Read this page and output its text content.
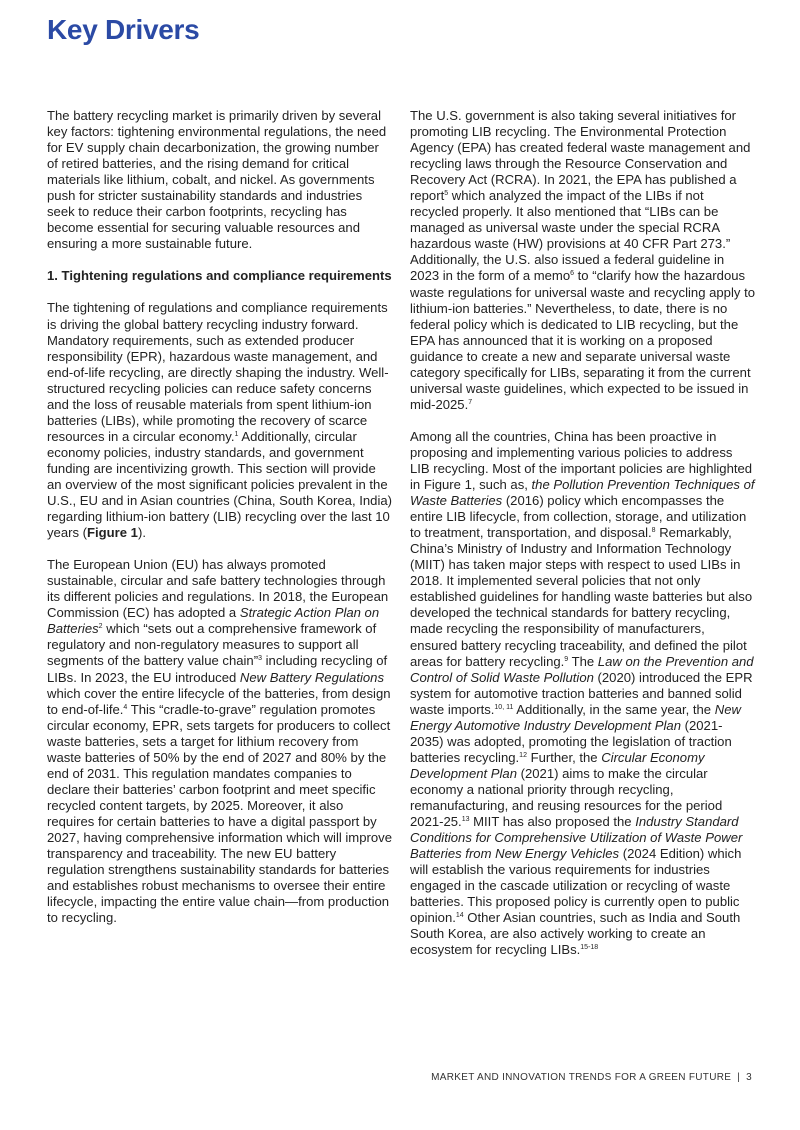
Key Drivers

The battery recycling market is primarily driven by several key factors: tightening environmental regulations, the need for EV supply chain decarbonization, the growing number of retired batteries, and the rising demand for critical materials like lithium, cobalt, and nickel. As governments push for stricter sustainability standards and industries seek to reduce their carbon footprints, recycling has become essential for securing valuable resources and ensuring a more sustainable future.

1. Tightening regulations and compliance requirements

The tightening of regulations and compliance requirements is driving the global battery recycling industry forward. Mandatory requirements, such as extended producer responsibility (EPR), hazardous waste management, and end-of-life recycling, are directly shaping the industry. Well-structured recycling policies can reduce safety concerns and the loss of reusable materials from spent lithium-ion batteries (LIBs), while promoting the recovery of scarce resources in a circular economy.$^1$ Additionally, circular economy policies, industry standards, and government funding are incentivizing growth. This section will provide an overview of the most significant policies prevalent in the U.S., EU and in Asian countries (China, South Korea, India) regarding lithium-ion battery (LIB) recycling over the last 10 years (Figure 1).

The European Union (EU) has always promoted sustainable, circular and safe battery technologies through its different policies and regulations. In 2018, the European Commission (EC) has adopted a Strategic Action Plan on Batteries$^2$ which “sets out a comprehensive framework of regulatory and non-regulatory measures to support all segments of the battery value chain”$^3$ including recycling of LIBs. In 2023, the EU introduced New Battery Regulations which cover the entire lifecycle of the batteries, from design to end-of-life.$^4$ This “cradle-to-grave” regulation promotes circular economy, EPR, sets targets for producers to collect waste batteries, sets a target for lithium recovery from waste batteries of 50% by the end of 2027 and 80% by the end of 2031. This regulation mandates companies to declare their batteries’ carbon footprint and meet specific recycled content targets, by 2025. Moreover, it also requires for certain batteries to have a digital passport by 2027, having comprehensive information which will improve transparency and traceability. The new EU battery regulation strengthens sustainability standards for batteries and establishes robust mechanisms to oversee their entire lifecycle, impacting the entire value chain—from production to recycling.

The U.S. government is also taking several initiatives for promoting LIB recycling. The Environmental Protection Agency (EPA) has created federal waste management and recycling laws through the Resource Conservation and Recovery Act (RCRA). In 2021, the EPA has published a report$^5$ which analyzed the impact of the LIBs if not recycled properly. It also mentioned that “LIBs can be managed as universal waste under the special RCRA hazardous waste (HW) provisions at 40 CFR Part 273.” Additionally, the U.S. also issued a federal guideline in 2023 in the form of a memo$^6$ to “clarify how the hazardous waste regulations for universal waste and recycling apply to lithium-ion batteries.” Nevertheless, to date, there is no federal policy which is dedicated to LIB recycling, but the EPA has announced that it is working on a proposed guidance to create a new and separate universal waste category specifically for LIBs, separating it from the current universal waste guidelines, which expected to be issued in mid-2025.$^7$

Among all the countries, China has been proactive in proposing and implementing various policies to address LIB recycling. Most of the important policies are highlighted in Figure 1, such as, the Pollution Prevention Techniques of Waste Batteries (2016) policy which encompasses the entire LIB lifecycle, from collection, storage, and utilization to treatment, transportation, and disposal.$^8$ Remarkably, China’s Ministry of Industry and Information Technology (MIIT) has taken major steps with respect to used LIBs in 2018. It implemented several policies that not only established guidelines for handling waste batteries but also developed the technical standards for battery recycling, made recycling the responsibility of manufacturers, ensured battery recycling traceability, and defined the pilot areas for battery recycling.$^9$ The Law on the Prevention and Control of Solid Waste Pollution (2020) introduced the EPR system for automotive traction batteries and banned solid waste imports.$^{10, 11}$ Additionally, in the same year, the New Energy Automotive Industry Development Plan (2021-2035) was adopted, promoting the legislation of traction batteries recycling.$^{12}$ Further, the Circular Economy Development Plan (2021) aims to make the circular economy a national priority through recycling, remanufacturing, and reusing resources for the period 2021-25.13 MIIT has also proposed the Industry Standard Conditions for Comprehensive Utilization of Waste Power Batteries from New Energy Vehicles (2024 Edition) which will establish the various requirements for industries engaged in the cascade utilization or recycling of waste batteries. This proposed policy is currently open to public opinion.$^{14}$ Other Asian countries, such as India and South South Korea, are also actively working to create an ecosystem for recycling LIBs.$^{15-18}$

MARKET AND INNOVATION TRENDS FOR A GREEN FUTURE | 3
